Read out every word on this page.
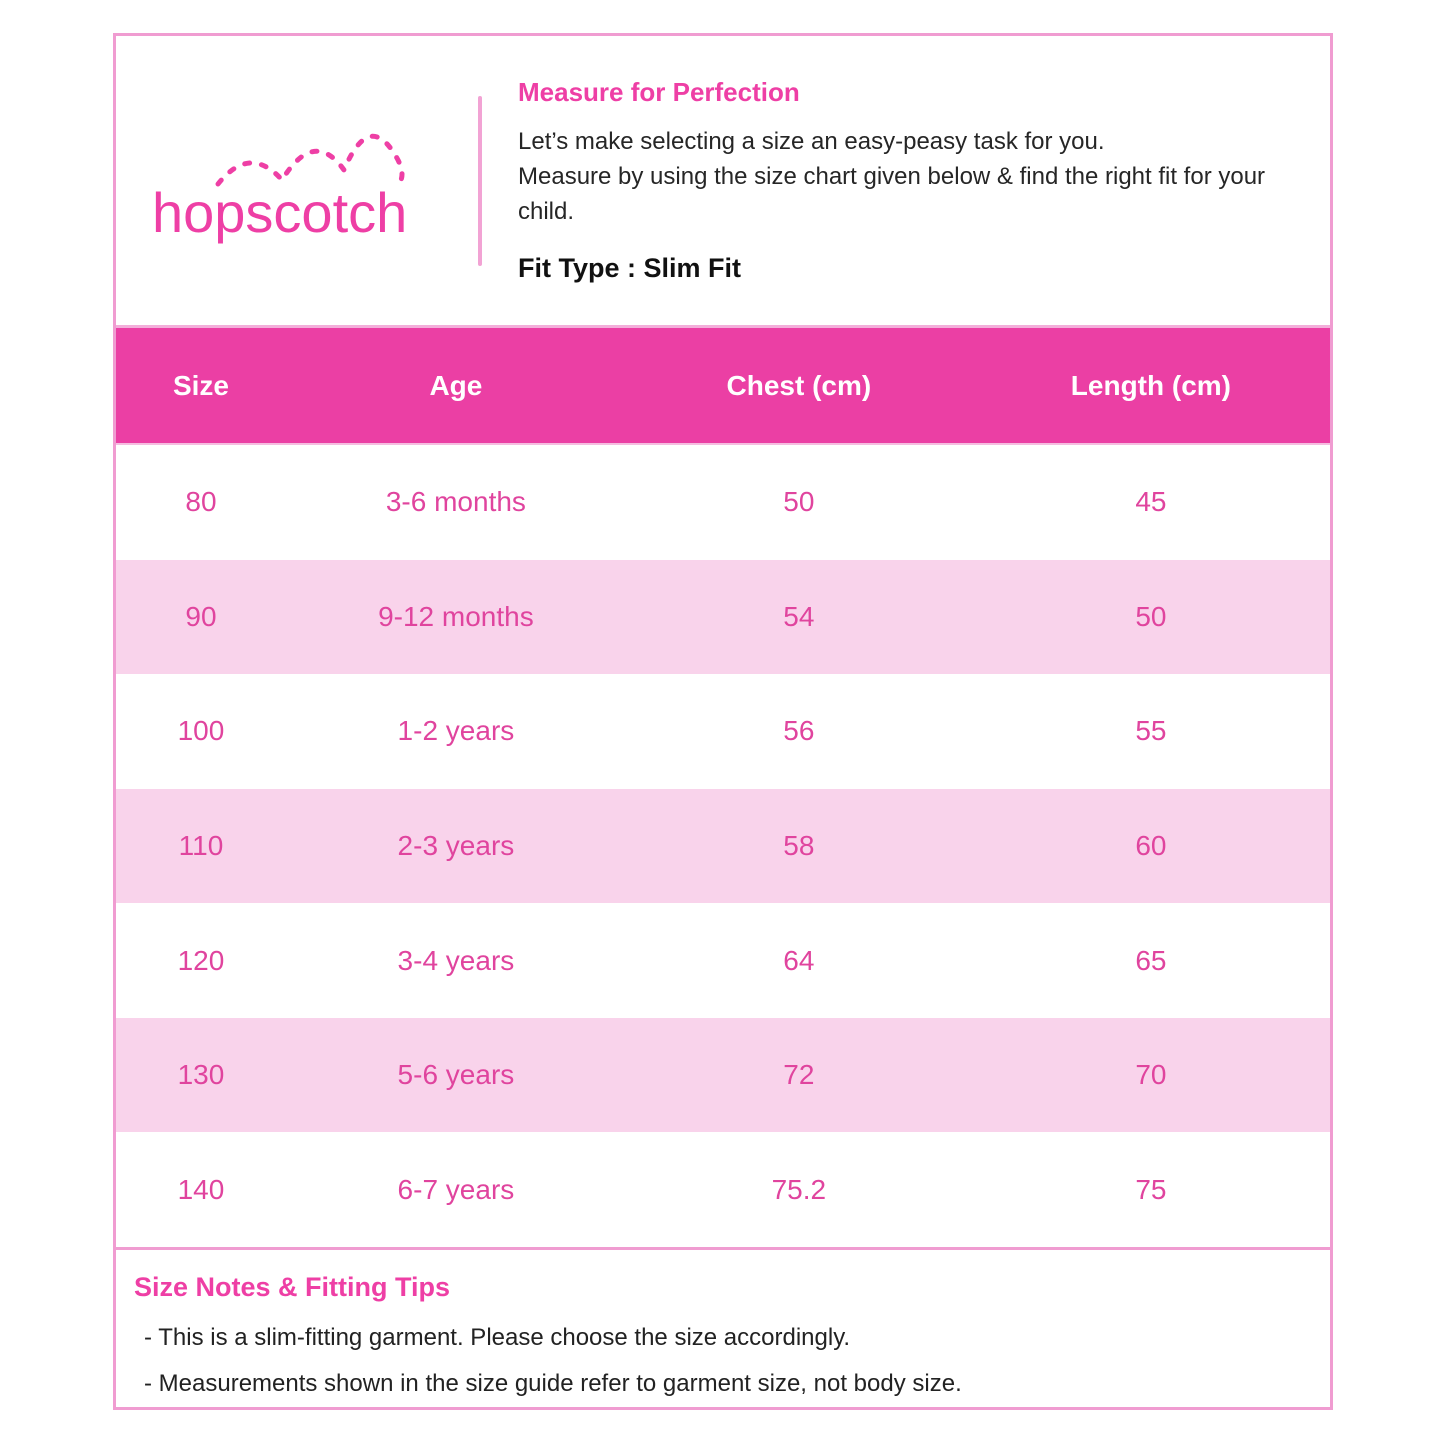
hopscotch
Measure for Perfection
Let’s make selecting a size an easy-peasy task for you.
Measure by using the size chart given below & find the right fit for your child.
Fit Type : Slim Fit
Size	Age	Chest (cm)	Length (cm)
80	3-6 months	50	45
90	9-12 months	54	50
100	1-2 years	56	55
110	2-3 years	58	60
120	3-4 years	64	65
130	5-6 years	72	70
140	6-7 years	75.2	75
Size Notes & Fitting Tips
- This is a slim-fitting garment. Please choose the size accordingly.
- Measurements shown in the size guide refer to garment size, not body size.
